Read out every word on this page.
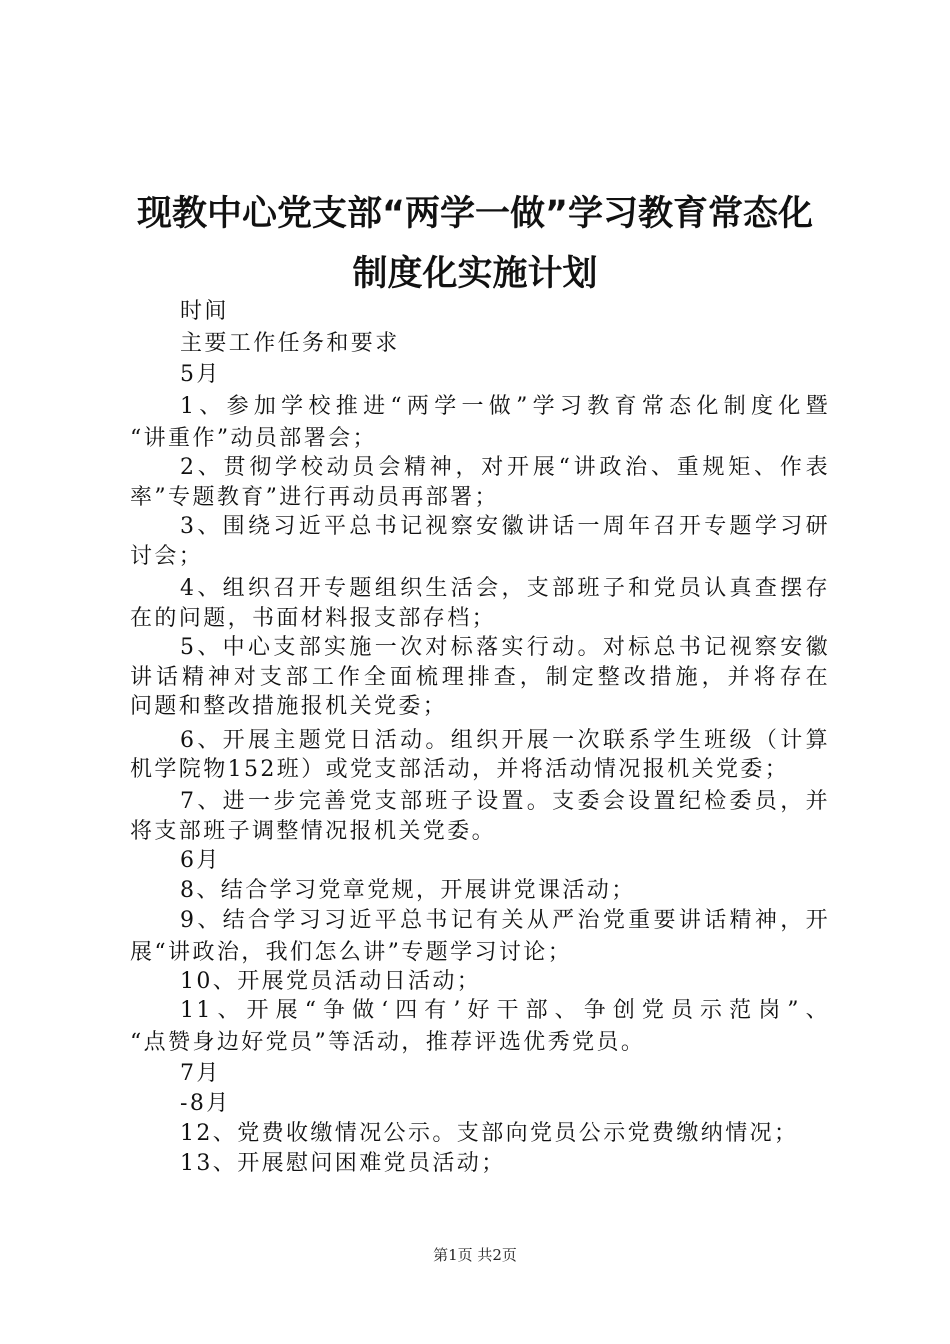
现教中心党支部“两学一做”学习教育常态化
制度化实施计划
时间
主要工作任务和要求
5月
1、参加学校推进“两学一做”学习教育常态化制度化暨
“讲重作”动员部署会；
2、贯彻学校动员会精神，对开展“讲政治、重规矩、作表
率”专题教育”进行再动员再部署；
3、围绕习近平总书记视察安徽讲话一周年召开专题学习研
讨会；
4、组织召开专题组织生活会，支部班子和党员认真查摆存
在的问题，书面材料报支部存档；
5、中心支部实施一次对标落实行动。对标总书记视察安徽
讲话精神对支部工作全面梳理排查，制定整改措施，并将存在
问题和整改措施报机关党委；
6、开展主题党日活动。组织开展一次联系学生班级（计算
机学院物152班）或党支部活动，并将活动情况报机关党委；
7、进一步完善党支部班子设置。支委会设置纪检委员，并
将支部班子调整情况报机关党委。
6月
8、结合学习党章党规，开展讲党课活动；
9、结合学习习近平总书记有关从严治党重要讲话精神，开
展“讲政治，我们怎么讲”专题学习讨论；
10、开展党员活动日活动；
11、开展“争做‘四有’好干部、争创党员示范岗”、
“点赞身边好党员”等活动，推荐评选优秀党员。
7月
-8月
12、党费收缴情况公示。支部向党员公示党费缴纳情况；
13、开展慰问困难党员活动；
第1页 共2页
